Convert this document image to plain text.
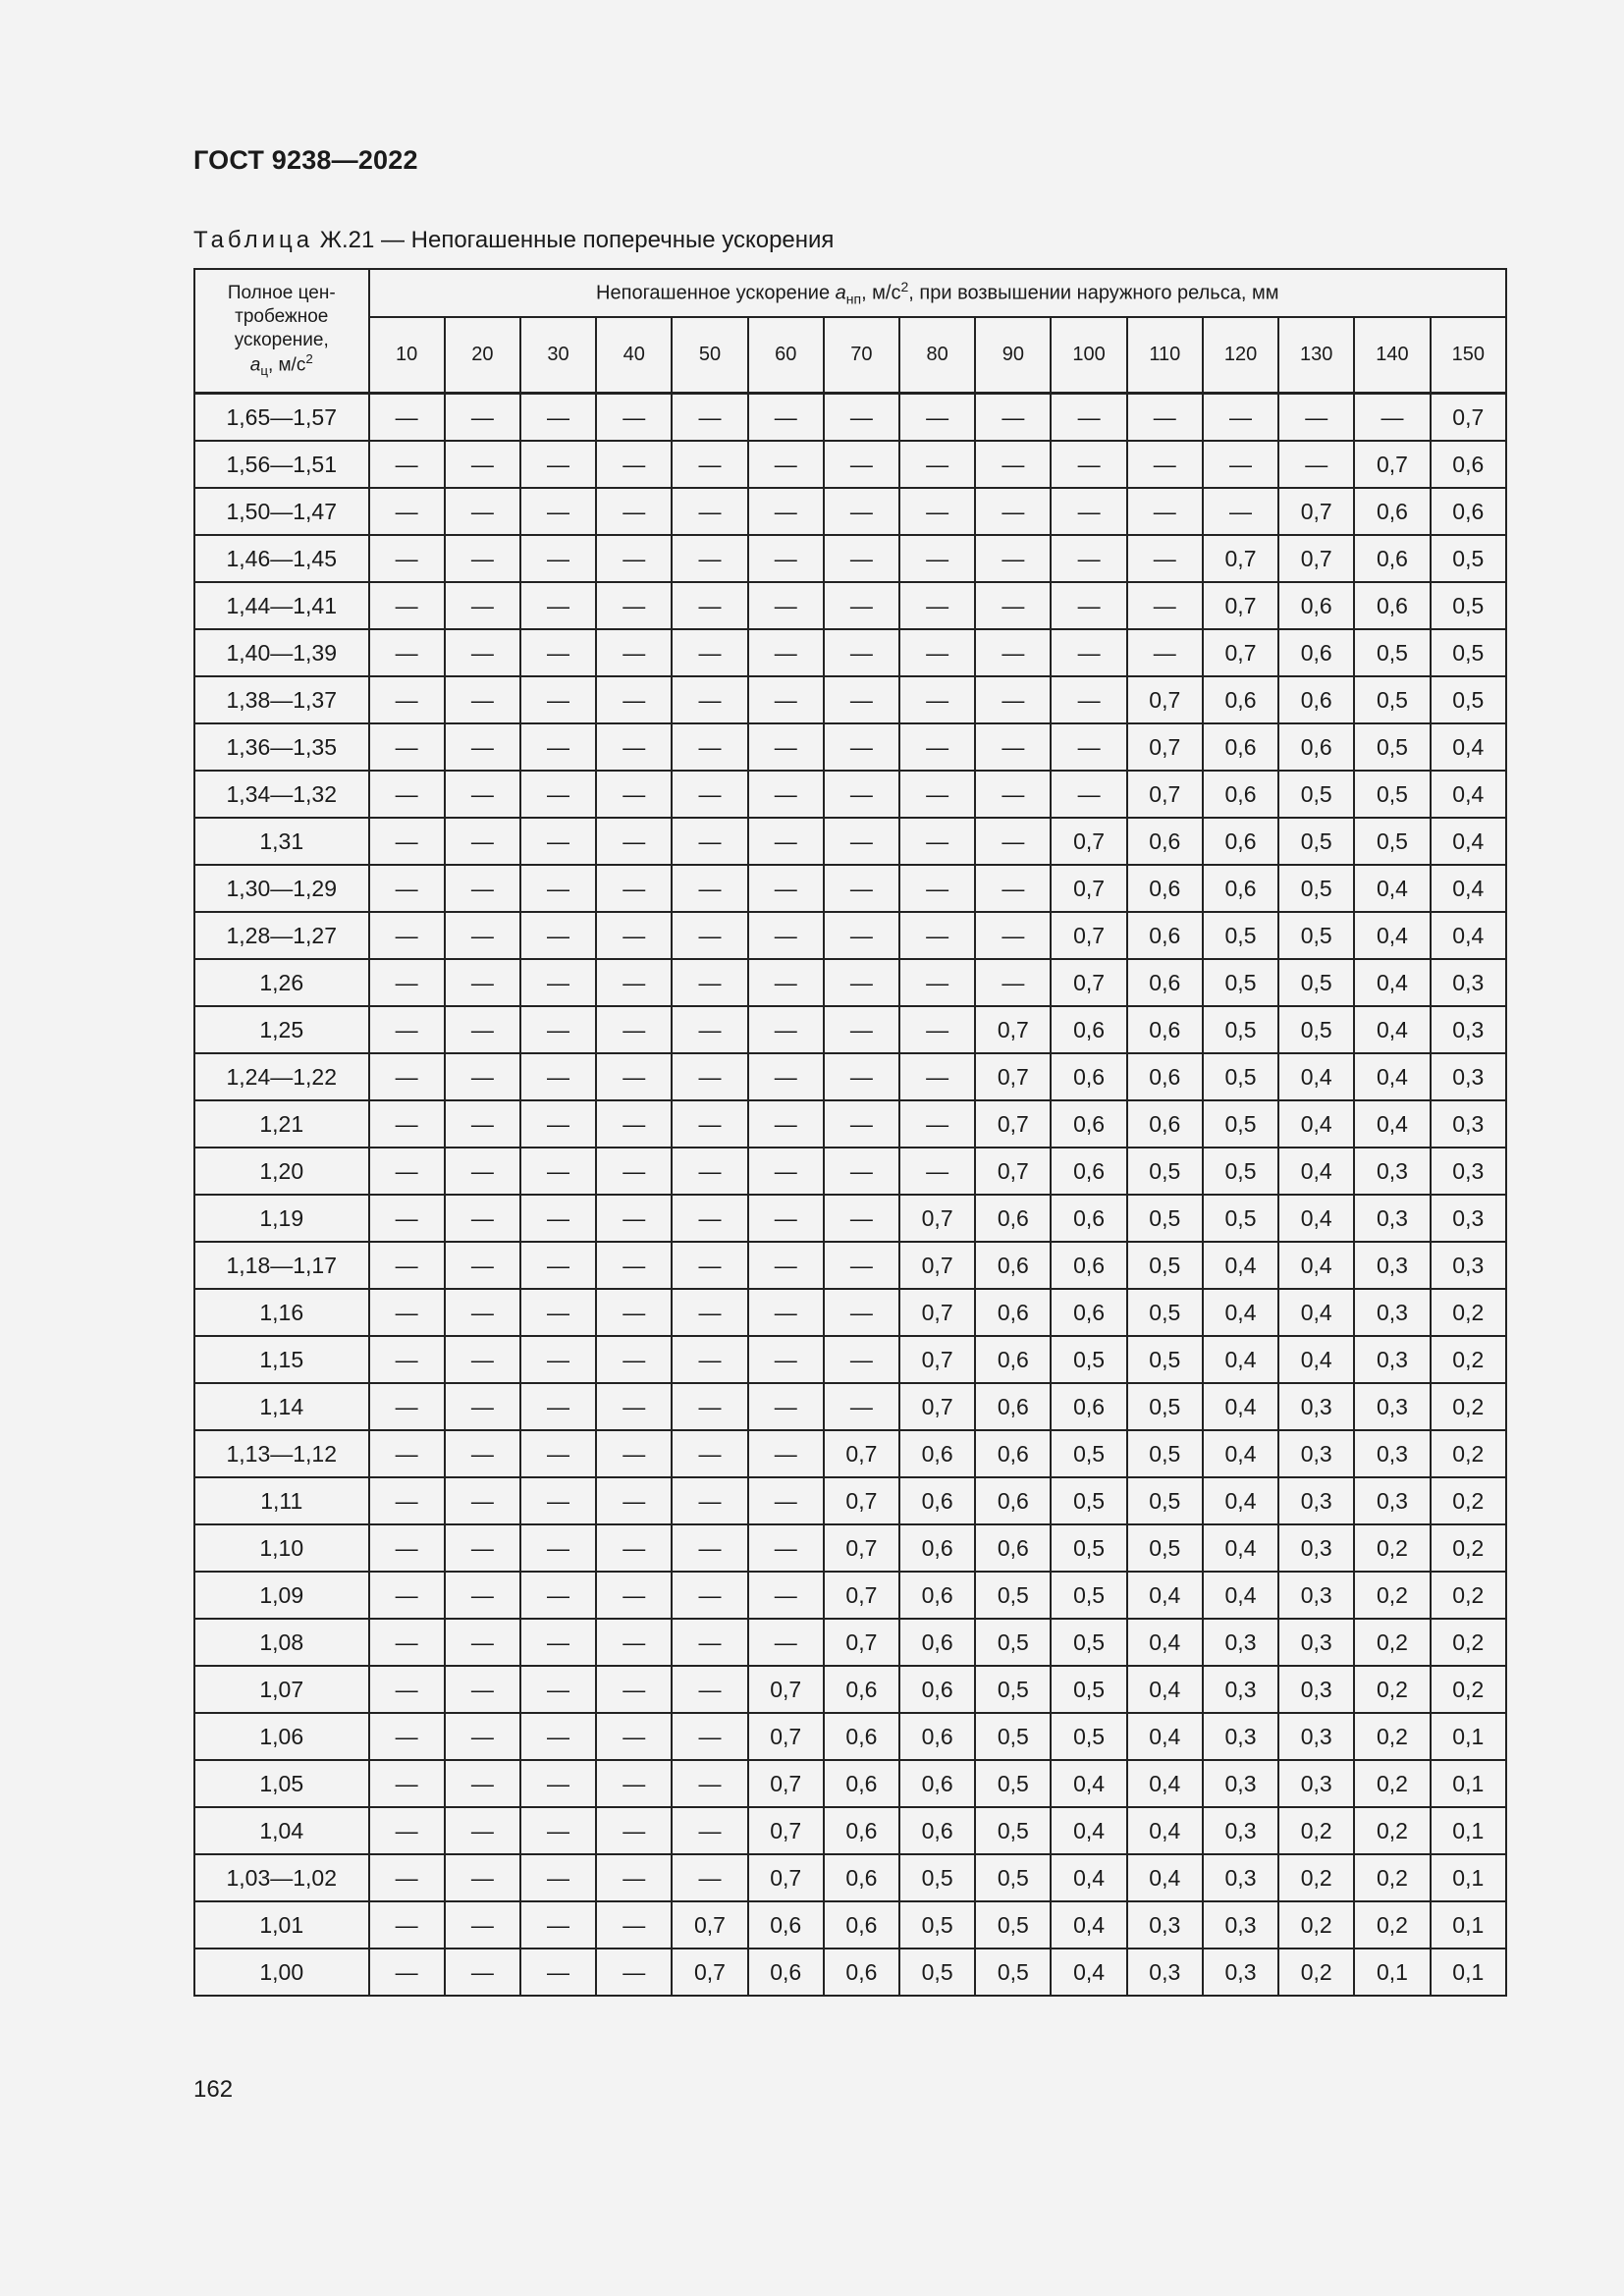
ГОСТ 9238—2022
Таблица Ж.21 — Непогашенные поперечные ускорения
Полное цен-
тробежное
ускорение,
$a_ц$, $м/с^2$	Непогашенное ускорение $a_{нп}$, $м/с^2$, при возвышении наружного рельса, мм														
	10	20	30	40	50	60	70	80	90	100	110	120	130	140	150
1,65—1,57	—	—	—	—	—	—	—	—	—	—	—	—	—	—	0,7
1,56—1,51	—	—	—	—	—	—	—	—	—	—	—	—	—	0,7	0,6
1,50—1,47	—	—	—	—	—	—	—	—	—	—	—	—	0,7	0,6	0,6
1,46—1,45	—	—	—	—	—	—	—	—	—	—	—	0,7	0,7	0,6	0,5
1,44—1,41	—	—	—	—	—	—	—	—	—	—	—	0,7	0,6	0,6	0,5
1,40—1,39	—	—	—	—	—	—	—	—	—	—	—	0,7	0,6	0,5	0,5
1,38—1,37	—	—	—	—	—	—	—	—	—	—	0,7	0,6	0,6	0,5	0,5
1,36—1,35	—	—	—	—	—	—	—	—	—	—	0,7	0,6	0,6	0,5	0,4
1,34—1,32	—	—	—	—	—	—	—	—	—	—	0,7	0,6	0,5	0,5	0,4
1,31	—	—	—	—	—	—	—	—	—	0,7	0,6	0,6	0,5	0,5	0,4
1,30—1,29	—	—	—	—	—	—	—	—	—	0,7	0,6	0,6	0,5	0,4	0,4
1,28—1,27	—	—	—	—	—	—	—	—	—	0,7	0,6	0,5	0,5	0,4	0,4
1,26	—	—	—	—	—	—	—	—	—	0,7	0,6	0,5	0,5	0,4	0,3
1,25	—	—	—	—	—	—	—	—	0,7	0,6	0,6	0,5	0,5	0,4	0,3
1,24—1,22	—	—	—	—	—	—	—	—	0,7	0,6	0,6	0,5	0,4	0,4	0,3
1,21	—	—	—	—	—	—	—	—	0,7	0,6	0,6	0,5	0,4	0,4	0,3
1,20	—	—	—	—	—	—	—	—	0,7	0,6	0,5	0,5	0,4	0,3	0,3
1,19	—	—	—	—	—	—	—	0,7	0,6	0,6	0,5	0,5	0,4	0,3	0,3
1,18—1,17	—	—	—	—	—	—	—	0,7	0,6	0,6	0,5	0,4	0,4	0,3	0,3
1,16	—	—	—	—	—	—	—	0,7	0,6	0,6	0,5	0,4	0,4	0,3	0,2
1,15	—	—	—	—	—	—	—	0,7	0,6	0,5	0,5	0,4	0,4	0,3	0,2
1,14	—	—	—	—	—	—	—	0,7	0,6	0,6	0,5	0,4	0,3	0,3	0,2
1,13—1,12	—	—	—	—	—	—	0,7	0,6	0,6	0,5	0,5	0,4	0,3	0,3	0,2
1,11	—	—	—	—	—	—	0,7	0,6	0,6	0,5	0,5	0,4	0,3	0,3	0,2
1,10	—	—	—	—	—	—	0,7	0,6	0,6	0,5	0,5	0,4	0,3	0,2	0,2
1,09	—	—	—	—	—	—	0,7	0,6	0,5	0,5	0,4	0,4	0,3	0,2	0,2
1,08	—	—	—	—	—	—	0,7	0,6	0,5	0,5	0,4	0,3	0,3	0,2	0,2
1,07	—	—	—	—	—	0,7	0,6	0,6	0,5	0,5	0,4	0,3	0,3	0,2	0,2
1,06	—	—	—	—	—	0,7	0,6	0,6	0,5	0,5	0,4	0,3	0,3	0,2	0,1
1,05	—	—	—	—	—	0,7	0,6	0,6	0,5	0,4	0,4	0,3	0,3	0,2	0,1
1,04	—	—	—	—	—	0,7	0,6	0,6	0,5	0,4	0,4	0,3	0,2	0,2	0,1
1,03—1,02	—	—	—	—	—	0,7	0,6	0,5	0,5	0,4	0,4	0,3	0,2	0,2	0,1
1,01	—	—	—	—	0,7	0,6	0,6	0,5	0,5	0,4	0,3	0,3	0,2	0,2	0,1
1,00	—	—	—	—	0,7	0,6	0,6	0,5	0,5	0,4	0,3	0,3	0,2	0,1	0,1
162
